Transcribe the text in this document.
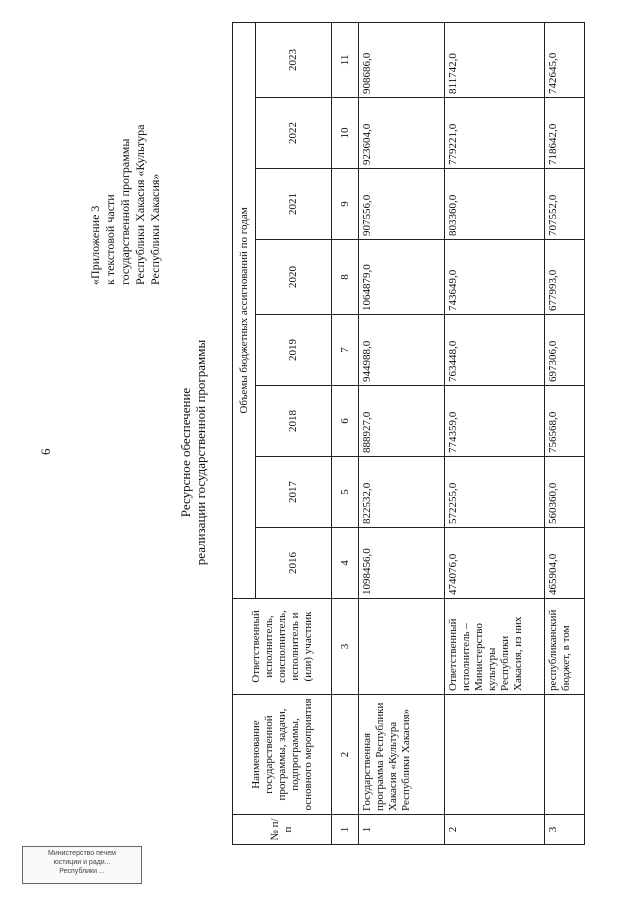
Министерство печем
юстиции и ради...
Республики ...
6
«Приложение 3 к текстовой части государственной программы Республики Хакасия «Культура Республики Хакасия»
Ресурсное обеспечение реализации государственной программы
№ п/п	Наименование государственной программы, задачи, подпрограммы, основного мероприятия	Ответственный исполнитель, соисполнитель, исполнитель и (или) участник	Объемы бюджетных ассигнований по годам							
			2016	2017	2018	2019	2020	2021	2022	2023
1	2	3	4	5	6	7	8	9	10	11
1	Государственная программа Республики Хакасия «Культура Республики Хакасия»		1098456,0	822532,0	888927,0	944988,0	1064879,0	907556,0	923604,0	908686,0
2		Ответственный исполнитель – Министерство культуры Республики Хакасия, из них	474076,0	572255,0	774359,0	763448,0	743649,0	803360,0	779221,0	811742,0
3		республиканский бюджет, в том	465904,0	560360,0	756568,0	697306,0	677993,0	707552,0	718642,0	742645,0
